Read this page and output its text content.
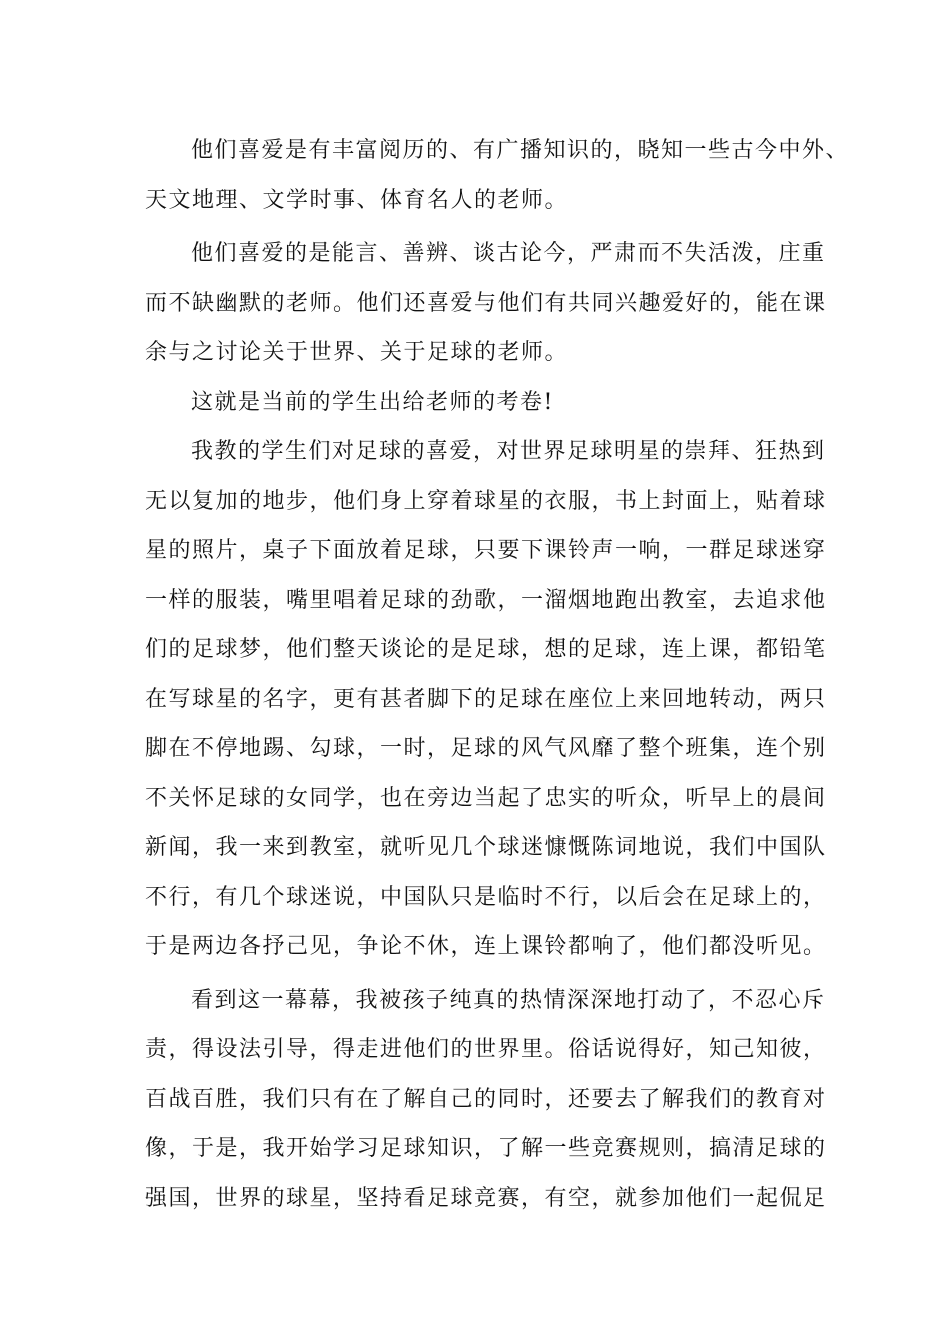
他们喜爱是有丰富阅历的、有广播知识的，晓知一些古今中外、
天文地理、文学时事、体育名人的老师。
他们喜爱的是能言、善辨、谈古论今，严肃而不失活泼，庄重
而不缺幽默的老师。他们还喜爱与他们有共同兴趣爱好的，能在课
余与之讨论关于世界、关于足球的老师。
这就是当前的学生出给老师的考卷!
我教的学生们对足球的喜爱，对世界足球明星的崇拜、狂热到
无以复加的地步，他们身上穿着球星的衣服，书上封面上，贴着球
星的照片，桌子下面放着足球，只要下课铃声一响，一群足球迷穿
一样的服装，嘴里唱着足球的劲歌，一溜烟地跑出教室，去追求他
们的足球梦，他们整天谈论的是足球，想的足球，连上课，都铅笔
在写球星的名字，更有甚者脚下的足球在座位上来回地转动，两只
脚在不停地踢、勾球，一时，足球的风气风靡了整个班集，连个别
不关怀足球的女同学，也在旁边当起了忠实的听众，听早上的晨间
新闻，我一来到教室，就听见几个球迷慷慨陈词地说，我们中国队
不行，有几个球迷说，中国队只是临时不行，以后会在足球上的，
于是两边各抒己见，争论不休，连上课铃都响了，他们都没听见。
看到这一幕幕，我被孩子纯真的热情深深地打动了，不忍心斥
责，得设法引导，得走进他们的世界里。俗话说得好，知己知彼，
百战百胜，我们只有在了解自己的同时，还要去了解我们的教育对
像，于是，我开始学习足球知识，了解一些竞赛规则，搞清足球的
强国，世界的球星，坚持看足球竞赛，有空，就参加他们一起侃足
